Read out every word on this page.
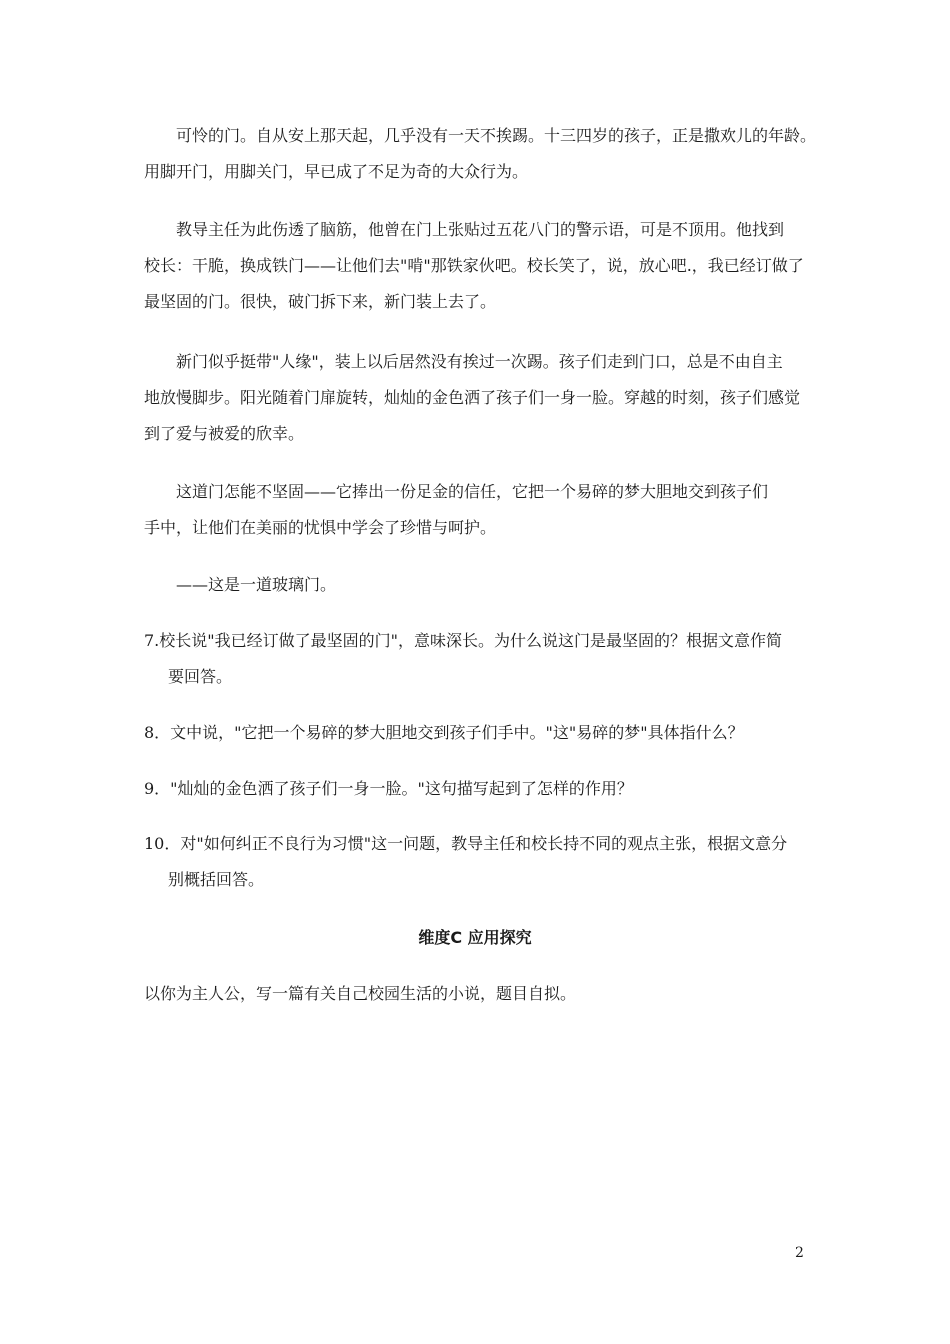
可怜的门。自从安上那天起，几乎没有一天不挨踢。十三四岁的孩子，正是撒欢儿的年龄。
用脚开门，用脚关门，早已成了不足为奇的大众行为。
教导主任为此伤透了脑筋，他曾在门上张贴过五花八门的警示语，可是不顶用。他找到
校长：干脆，换成铁门——让他们去"啃"那铁家伙吧。校长笑了，说，放心吧.，我已经订做了
最坚固的门。很快，破门拆下来，新门装上去了。
新门似乎挺带"人缘"，装上以后居然没有挨过一次踢。孩子们走到门口，总是不由自主
地放慢脚步。阳光随着门扉旋转，灿灿的金色洒了孩子们一身一脸。穿越的时刻，孩子们感觉
到了爱与被爱的欣幸。
这道门怎能不坚固——它捧出一份足金的信任，它把一个易碎的梦大胆地交到孩子们
手中，让他们在美丽的忧惧中学会了珍惜与呵护。
——这是一道玻璃门。
7.校长说"我已经订做了最坚固的门"，意味深长。为什么说这门是最坚固的？根据文意作简
要回答。
8．文中说，"它把一个易碎的梦大胆地交到孩子们手中。"这"易碎的梦"具体指什么？
9．"灿灿的金色洒了孩子们一身一脸。"这句描写起到了怎样的作用？
10．对"如何纠正不良行为习惯"这一问题，教导主任和校长持不同的观点主张，根据文意分
别概括回答。
维度C 应用探究
以你为主人公，写一篇有关自己校园生活的小说，题目自拟。
2
